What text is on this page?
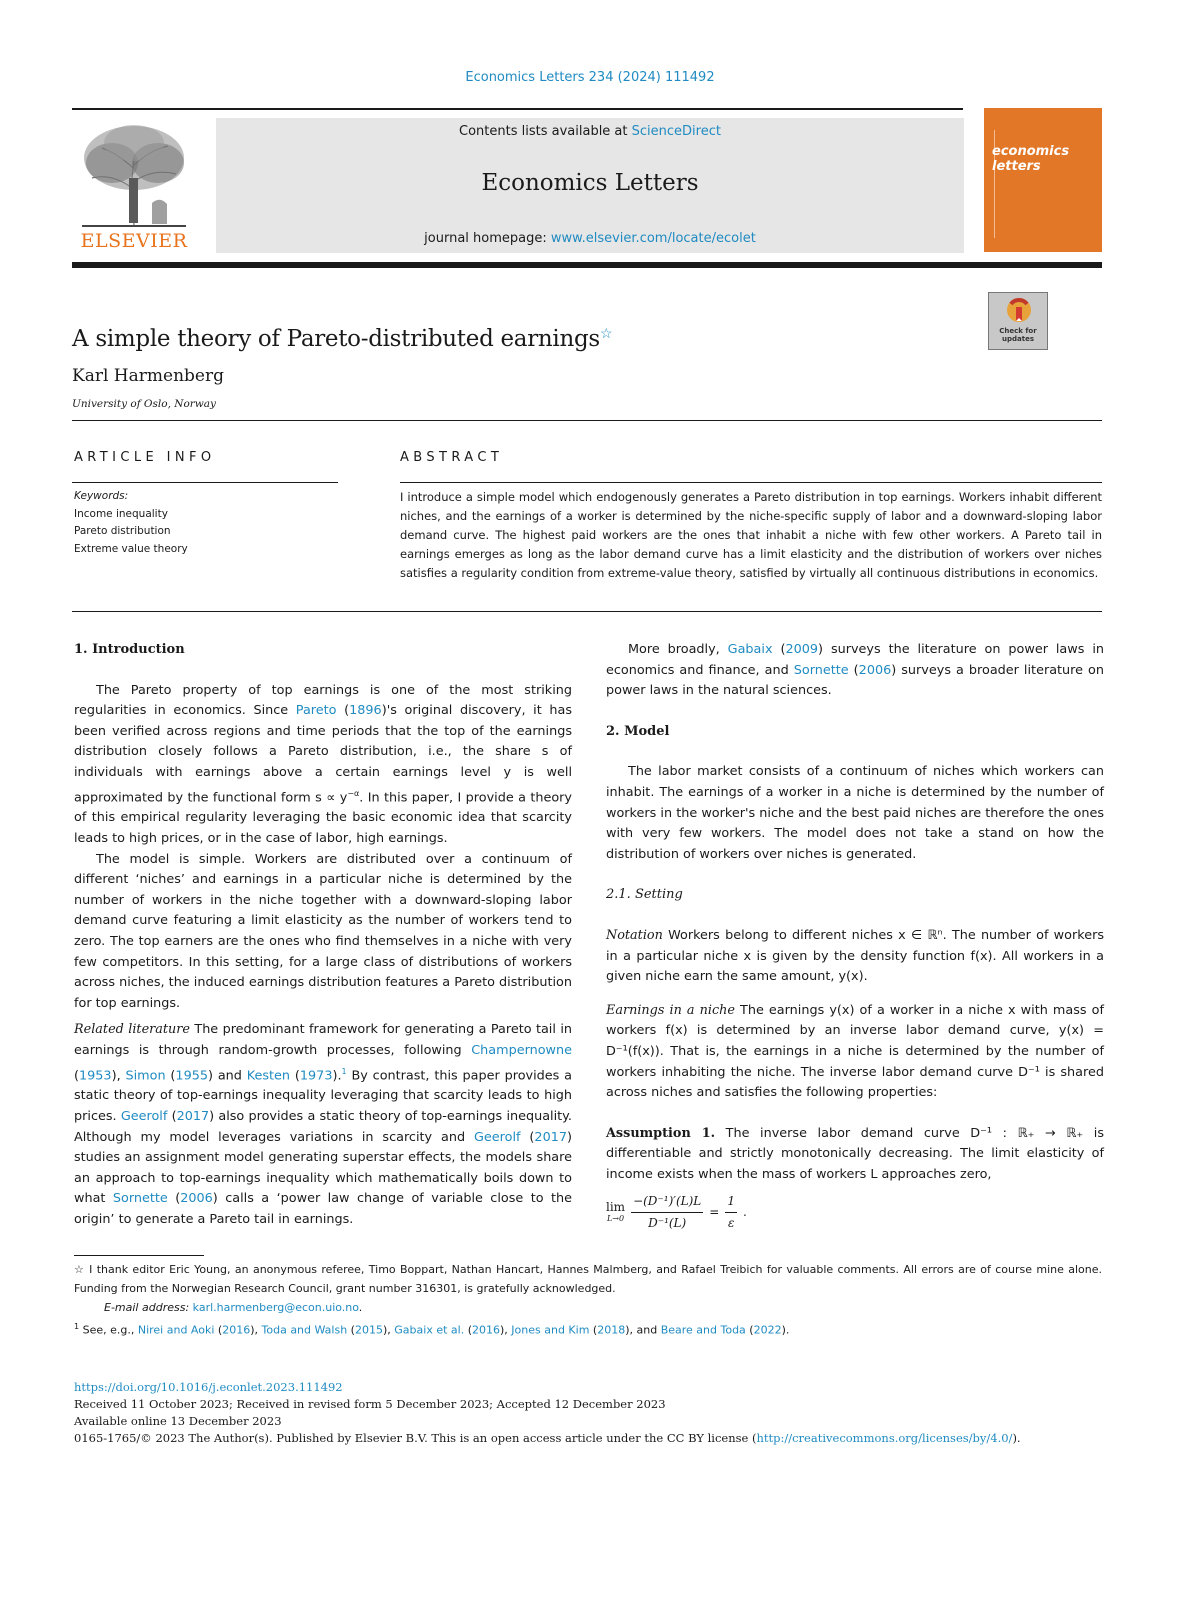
Economics Letters 234 (2024) 111492
ELSEVIER
Contents lists available at ScienceDirect
Economics Letters
journal homepage: www.elsevier.com/locate/ecolet
economics
letters
A simple theory of Pareto-distributed earnings☆
Karl Harmenberg
University of Oslo, Norway
Check for
updates
ARTICLE INFO	ABSTRACT
Keywords:
Income inequality
Pareto distribution
Extreme value theory
I introduce a simple model which endogenously generates a Pareto distribution in top earnings. Workers inhabit different niches, and the earnings of a worker is determined by the niche-specific supply of labor and a downward-sloping labor demand curve. The highest paid workers are the ones that inhabit a niche with few other workers. A Pareto tail in earnings emerges as long as the labor demand curve has a limit elasticity and the distribution of workers over niches satisfies a regularity condition from extreme-value theory, satisfied by virtually all continuous distributions in economics.

1. Introduction

The Pareto property of top earnings is one of the most striking regularities in economics. Since Pareto (1896)'s original discovery, it has been verified across regions and time periods that the top of the earnings distribution closely follows a Pareto distribution, i.e., the share s of individuals with earnings above a certain earnings level y is well approximated by the functional form $s \propto y^{-\alpha}$. In this paper, I provide a theory of this empirical regularity leveraging the basic economic idea that scarcity leads to high prices, or in the case of labor, high earnings.

The model is simple. Workers are distributed over a continuum of different ‘niches’ and earnings in a particular niche is determined by the number of workers in the niche together with a downward-sloping labor demand curve featuring a limit elasticity as the number of workers tend to zero. The top earners are the ones who find themselves in a niche with very few competitors. In this setting, for a large class of distributions of workers across niches, the induced earnings distribution features a Pareto distribution for top earnings.

Related literature The predominant framework for generating a Pareto tail in earnings is through random-growth processes, following Champernowne (1953), Simon (1955) and Kesten (1973).$^1$ By contrast, this paper provides a static theory of top-earnings inequality leveraging that scarcity leads to high prices. Geerolf (2017) also provides a static theory of top-earnings inequality. Although my model leverages variations in scarcity and Geerolf (2017) studies an assignment model generating superstar effects, the models share an approach to top-earnings inequality which mathematically boils down to what Sornette (2006) calls a ‘power law change of variable close to the origin’ to generate a Pareto tail in earnings.

More broadly, Gabaix (2009) surveys the literature on power laws in economics and finance, and Sornette (2006) surveys a broader literature on power laws in the natural sciences.

2. Model

The labor market consists of a continuum of niches which workers can inhabit. The earnings of a worker in a niche is determined by the number of workers in the worker's niche and the best paid niches are therefore the ones with very few workers. The model does not take a stand on how the distribution of workers over niches is generated.

2.1. Setting

Notation Workers belong to different niches x ∈ ℝⁿ. The number of workers in a particular niche x is given by the density function f(x). All workers in a given niche earn the same amount, y(x).

Earnings in a niche The earnings y(x) of a worker in a niche x with mass of workers f(x) is determined by an inverse labor demand curve, y(x) = D⁻¹(f(x)). That is, the earnings in a niche is determined by the number of workers inhabiting the niche. The inverse labor demand curve D⁻¹ is shared across niches and satisfies the following properties:

Assumption 1. The inverse labor demand curve D⁻¹ : ℝ₊ → ℝ₊ is differentiable and strictly monotonically decreasing. The limit elasticity of income exists when the mass of workers L approaches zero,

lim
$L\to 0 \frac{\text{−(D⁻¹)′(L)L}}{\text{D⁻¹(L)}} = \frac{1}{\varepsilon}$ .
☆ I thank editor Eric Young, an anonymous referee, Timo Boppart, Nathan Hancart, Hannes Malmberg, and Rafael Treibich for valuable comments. All errors are of course mine alone. Funding from the Norwegian Research Council, grant number 316301, is gratefully acknowledged.
E-mail address: karl.harmenberg@econ.uio.no.
$^1$ See, e.g., Nirei and Aoki (2016), Toda and Walsh (2015), Gabaix et al. (2016), Jones and Kim (2018), and Beare and Toda (2022).
https://doi.org/10.1016/j.econlet.2023.111492
Received 11 October 2023; Received in revised form 5 December 2023; Accepted 12 December 2023
Available online 13 December 2023
0165-1765/© 2023 The Author(s). Published by Elsevier B.V. This is an open access article under the CC BY license (http://creativecommons.org/licenses/by/4.0/).
